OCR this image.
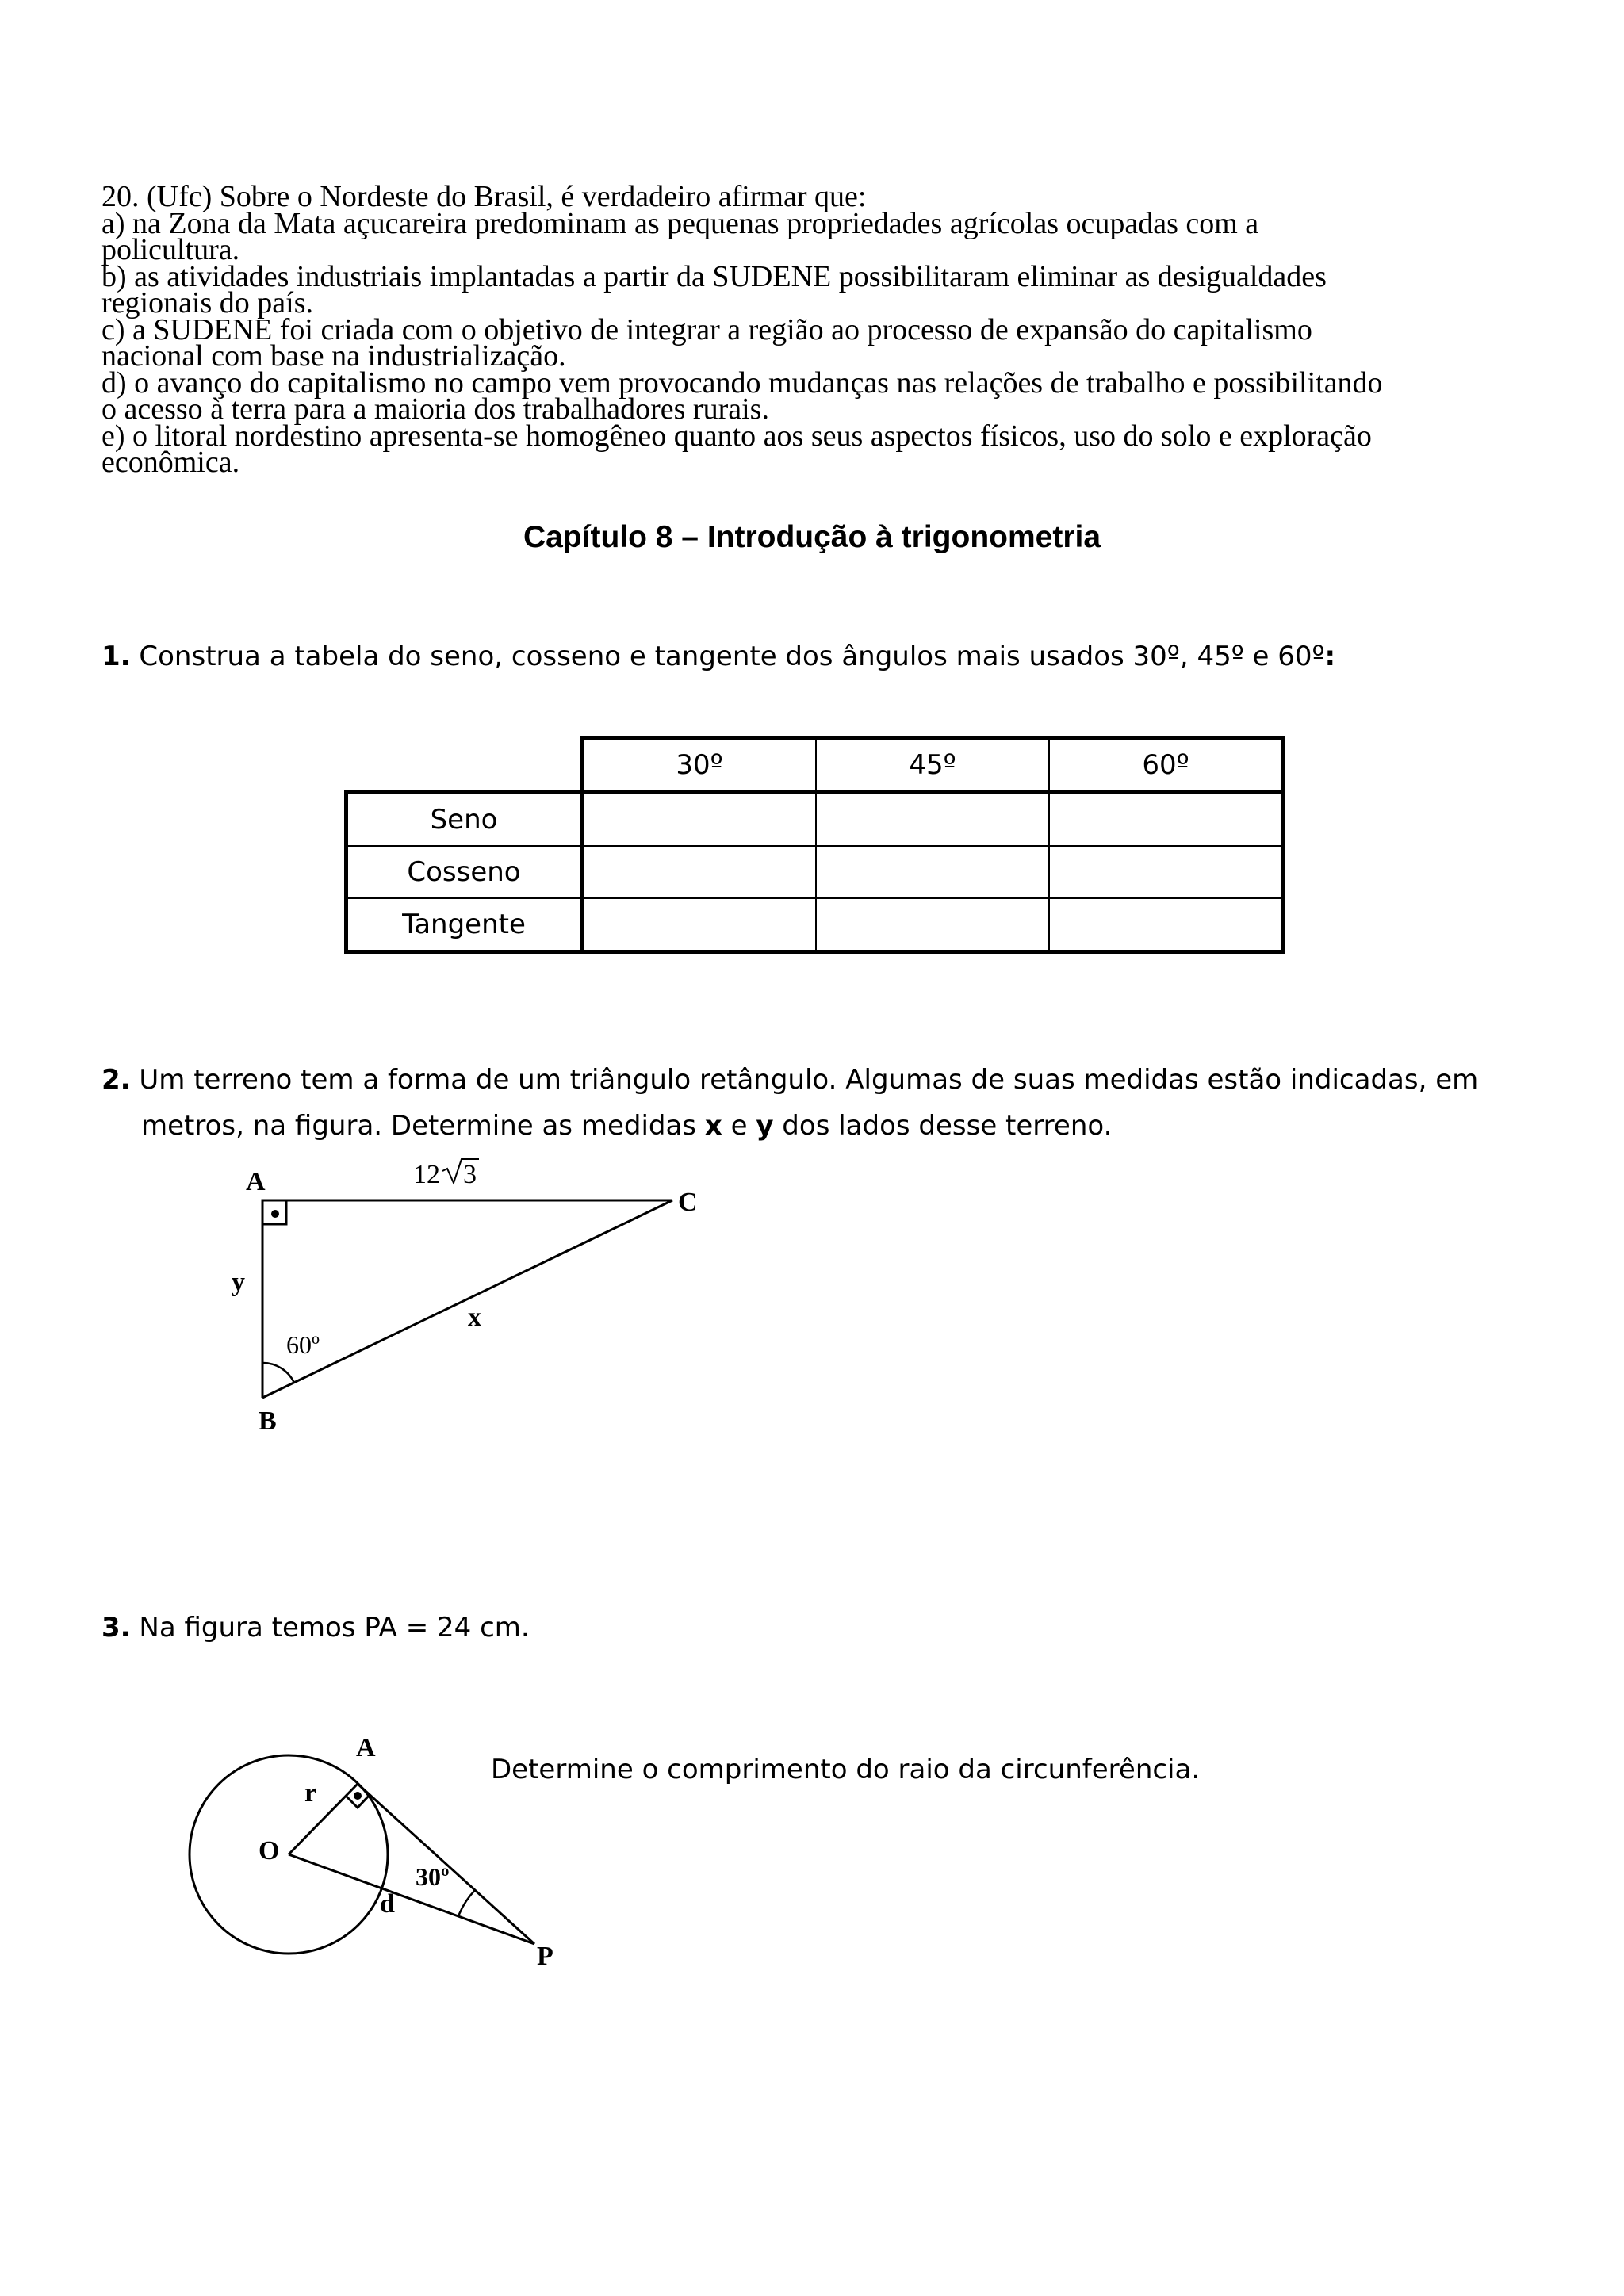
20. (Ufc) Sobre o Nordeste do Brasil, é verdadeiro afirmar que:
a) na Zona da Mata açucareira predominam as pequenas propriedades agrícolas ocupadas com a
policultura.
b) as atividades industriais implantadas a partir da SUDENE possibilitaram eliminar as desigualdades
regionais do país.
c) a SUDENE foi criada com o objetivo de integrar a região ao processo de expansão do capitalismo
nacional com base na industrialização.
d) o avanço do capitalismo no campo vem provocando mudanças nas relações de trabalho e possibilitando
o acesso à terra para a maioria dos trabalhadores rurais.
e) o litoral nordestino apresenta-se homogêneo quanto aos seus aspectos físicos, uso do solo e exploração
econômica.
Capítulo 8 – Introdução à trigonometria
1. Construa a tabela do seno, cosseno e tangente dos ângulos mais usados 30º, 45º e 60º:
	30º	45º	60º
Seno			
Cosseno			
Tangente			
2. Um terreno tem a forma de um triângulo retângulo. Algumas de suas medidas estão indicadas, em
metros, na figura. Determine as medidas x e y dos lados desse terreno.
A
B
C
y
x
60º
12 3
A
O
P
r
d
30º
3. Na figura temos PA = 24 cm.
Determine o comprimento do raio da circunferência.
